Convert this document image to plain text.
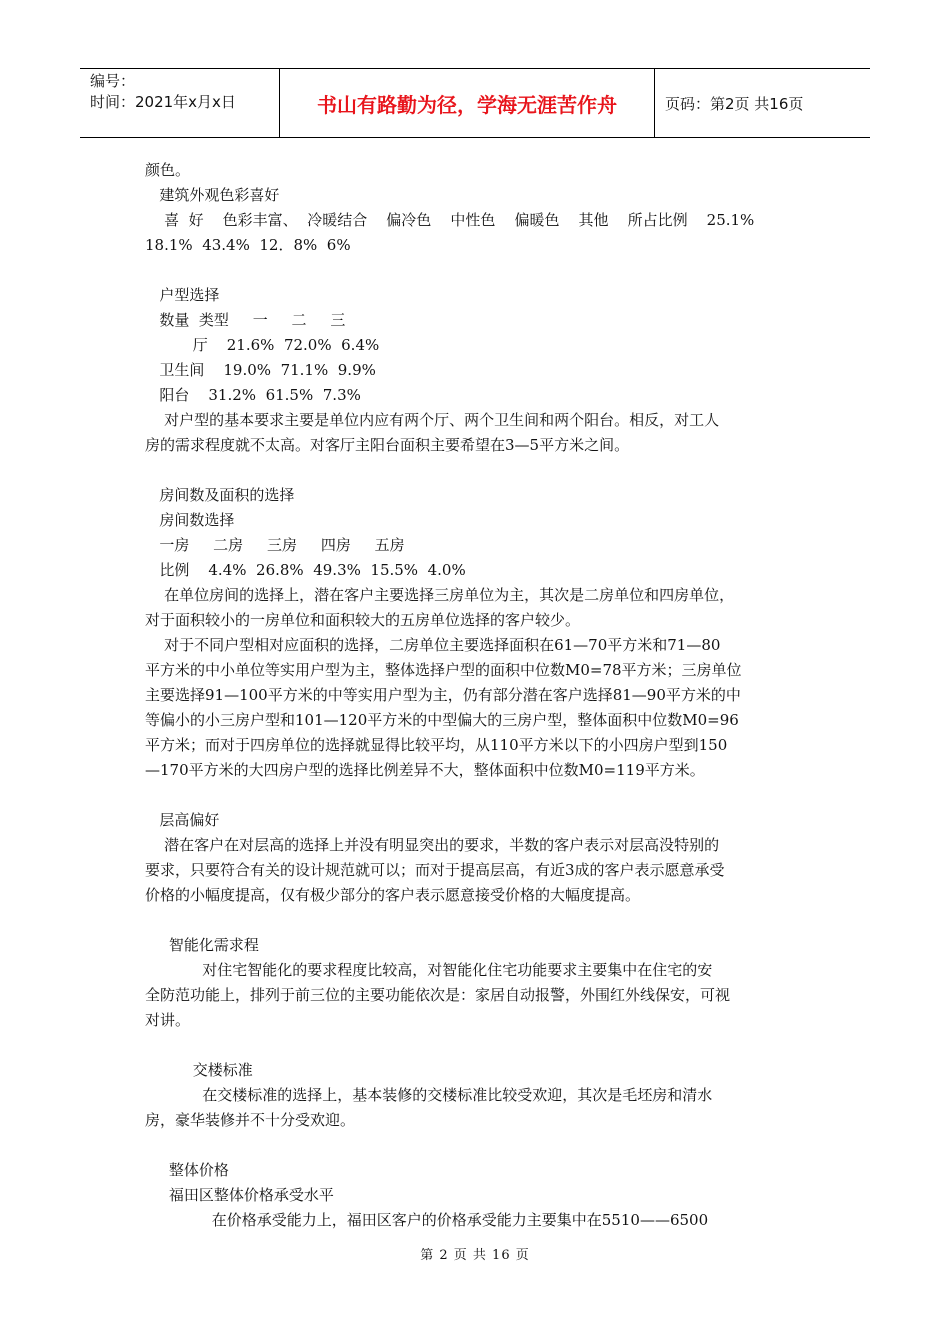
编号：
时间：2021年x月x日	书山有路勤为径，学海无涯苦作舟	页码：第2页 共16页

颜色。

建筑外观色彩喜好

喜  好    色彩丰富、  冷暖结合    偏冷色    中性色    偏暖色    其他    所占比例    25.1%

18.1%  43.4%  12．8%  6%

户型选择

数量  类型     一     二     三

厅    21.6%  72.0%  6.4%

卫生间    19.0%  71.1%  9.9%

阳台    31.2%  61.5%  7.3%

对户型的基本要求主要是单位内应有两个厅、两个卫生间和两个阳台。相反，对工人

房的需求程度就不太高。对客厅主阳台面积主要希望在3—5平方米之间。

房间数及面积的选择

房间数选择

一房     二房     三房     四房     五房

比例    4.4%  26.8%  49.3%  15.5%  4.0%

在单位房间的选择上，潜在客户主要选择三房单位为主，其次是二房单位和四房单位，

对于面积较小的一房单位和面积较大的五房单位选择的客户较少。

对于不同户型相对应面积的选择，二房单位主要选择面积在61—70平方米和71—80

平方米的中小单位等实用户型为主，整体选择户型的面积中位数M0=78平方米；三房单位

主要选择91—100平方米的中等实用户型为主，仍有部分潜在客户选择81—90平方米的中

等偏小的小三房户型和101—120平方米的中型偏大的三房户型，整体面积中位数M0=96

平方米；而对于四房单位的选择就显得比较平均，从110平方米以下的小四房户型到150

—170平方米的大四房户型的选择比例差异不大，整体面积中位数M0=119平方米。

层高偏好

潜在客户在对层高的选择上并没有明显突出的要求，半数的客户表示对层高没特别的

要求，只要符合有关的设计规范就可以；而对于提高层高，有近3成的客户表示愿意承受

价格的小幅度提高，仅有极少部分的客户表示愿意接受价格的大幅度提高。

智能化需求程

对住宅智能化的要求程度比较高，对智能化住宅功能要求主要集中在住宅的安

全防范功能上，排列于前三位的主要功能依次是：家居自动报警，外围红外线保安，可视

对讲。

交楼标准

在交楼标准的选择上，基本装修的交楼标准比较受欢迎，其次是毛坯房和清水

房，豪华装修并不十分受欢迎。

整体价格

福田区整体价格承受水平

在价格承受能力上，福田区客户的价格承受能力主要集中在5510——6500

第 2 页 共 16 页
